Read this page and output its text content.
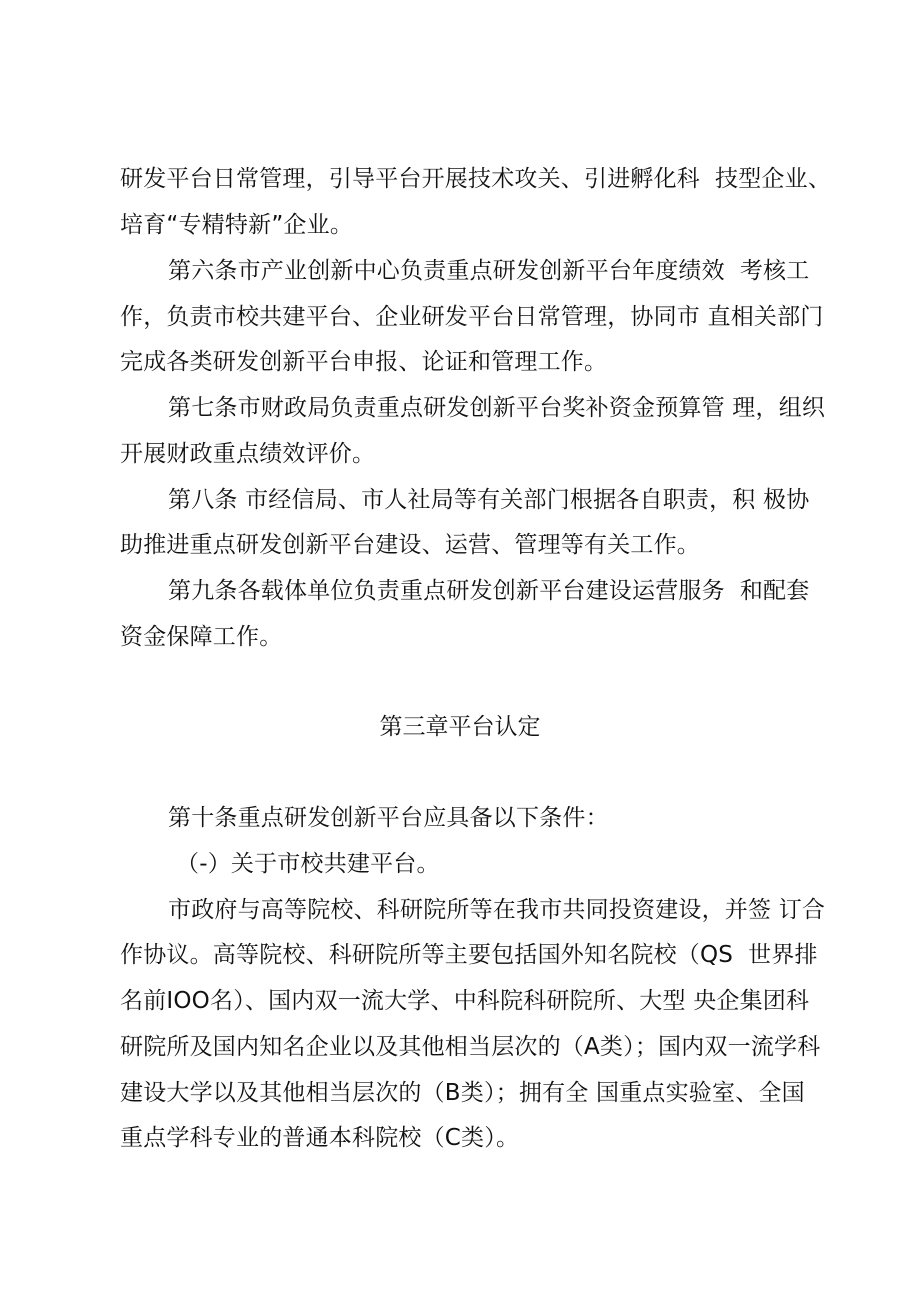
研发平台日常管理，引导平台开展技术攻关、引进孵化科  技型企业、
培育“专精特新”企业。
第六条市产业创新中心负责重点研发创新平台年度绩效  考核工
作，负责市校共建平台、企业研发平台日常管理，协同市 直相关部门
完成各类研发创新平台申报、论证和管理工作。
第七条市财政局负责重点研发创新平台奖补资金预算管 理，组织
开展财政重点绩效评价。
第八条 市经信局、市人社局等有关部门根据各自职责，积 极协
助推进重点研发创新平台建设、运营、管理等有关工作。
第九条各载体单位负责重点研发创新平台建设运营服务  和配套
资金保障工作。
第三章平台认定
第十条重点研发创新平台应具备以下条件：
（-）关于市校共建平台。
市政府与高等院校、科研院所等在我市共同投资建设，并签 订合
作协议。高等院校、科研院所等主要包括国外知名院校（QS  世界排
名前IOO名）、国内双一流大学、中科院科研院所、大型 央企集团科
研院所及国内知名企业以及其他相当层次的（A类）；国内双一流学科
建设大学以及其他相当层次的（B类）；拥有全 国重点实验室、全国
重点学科专业的普通本科院校（C类）。
